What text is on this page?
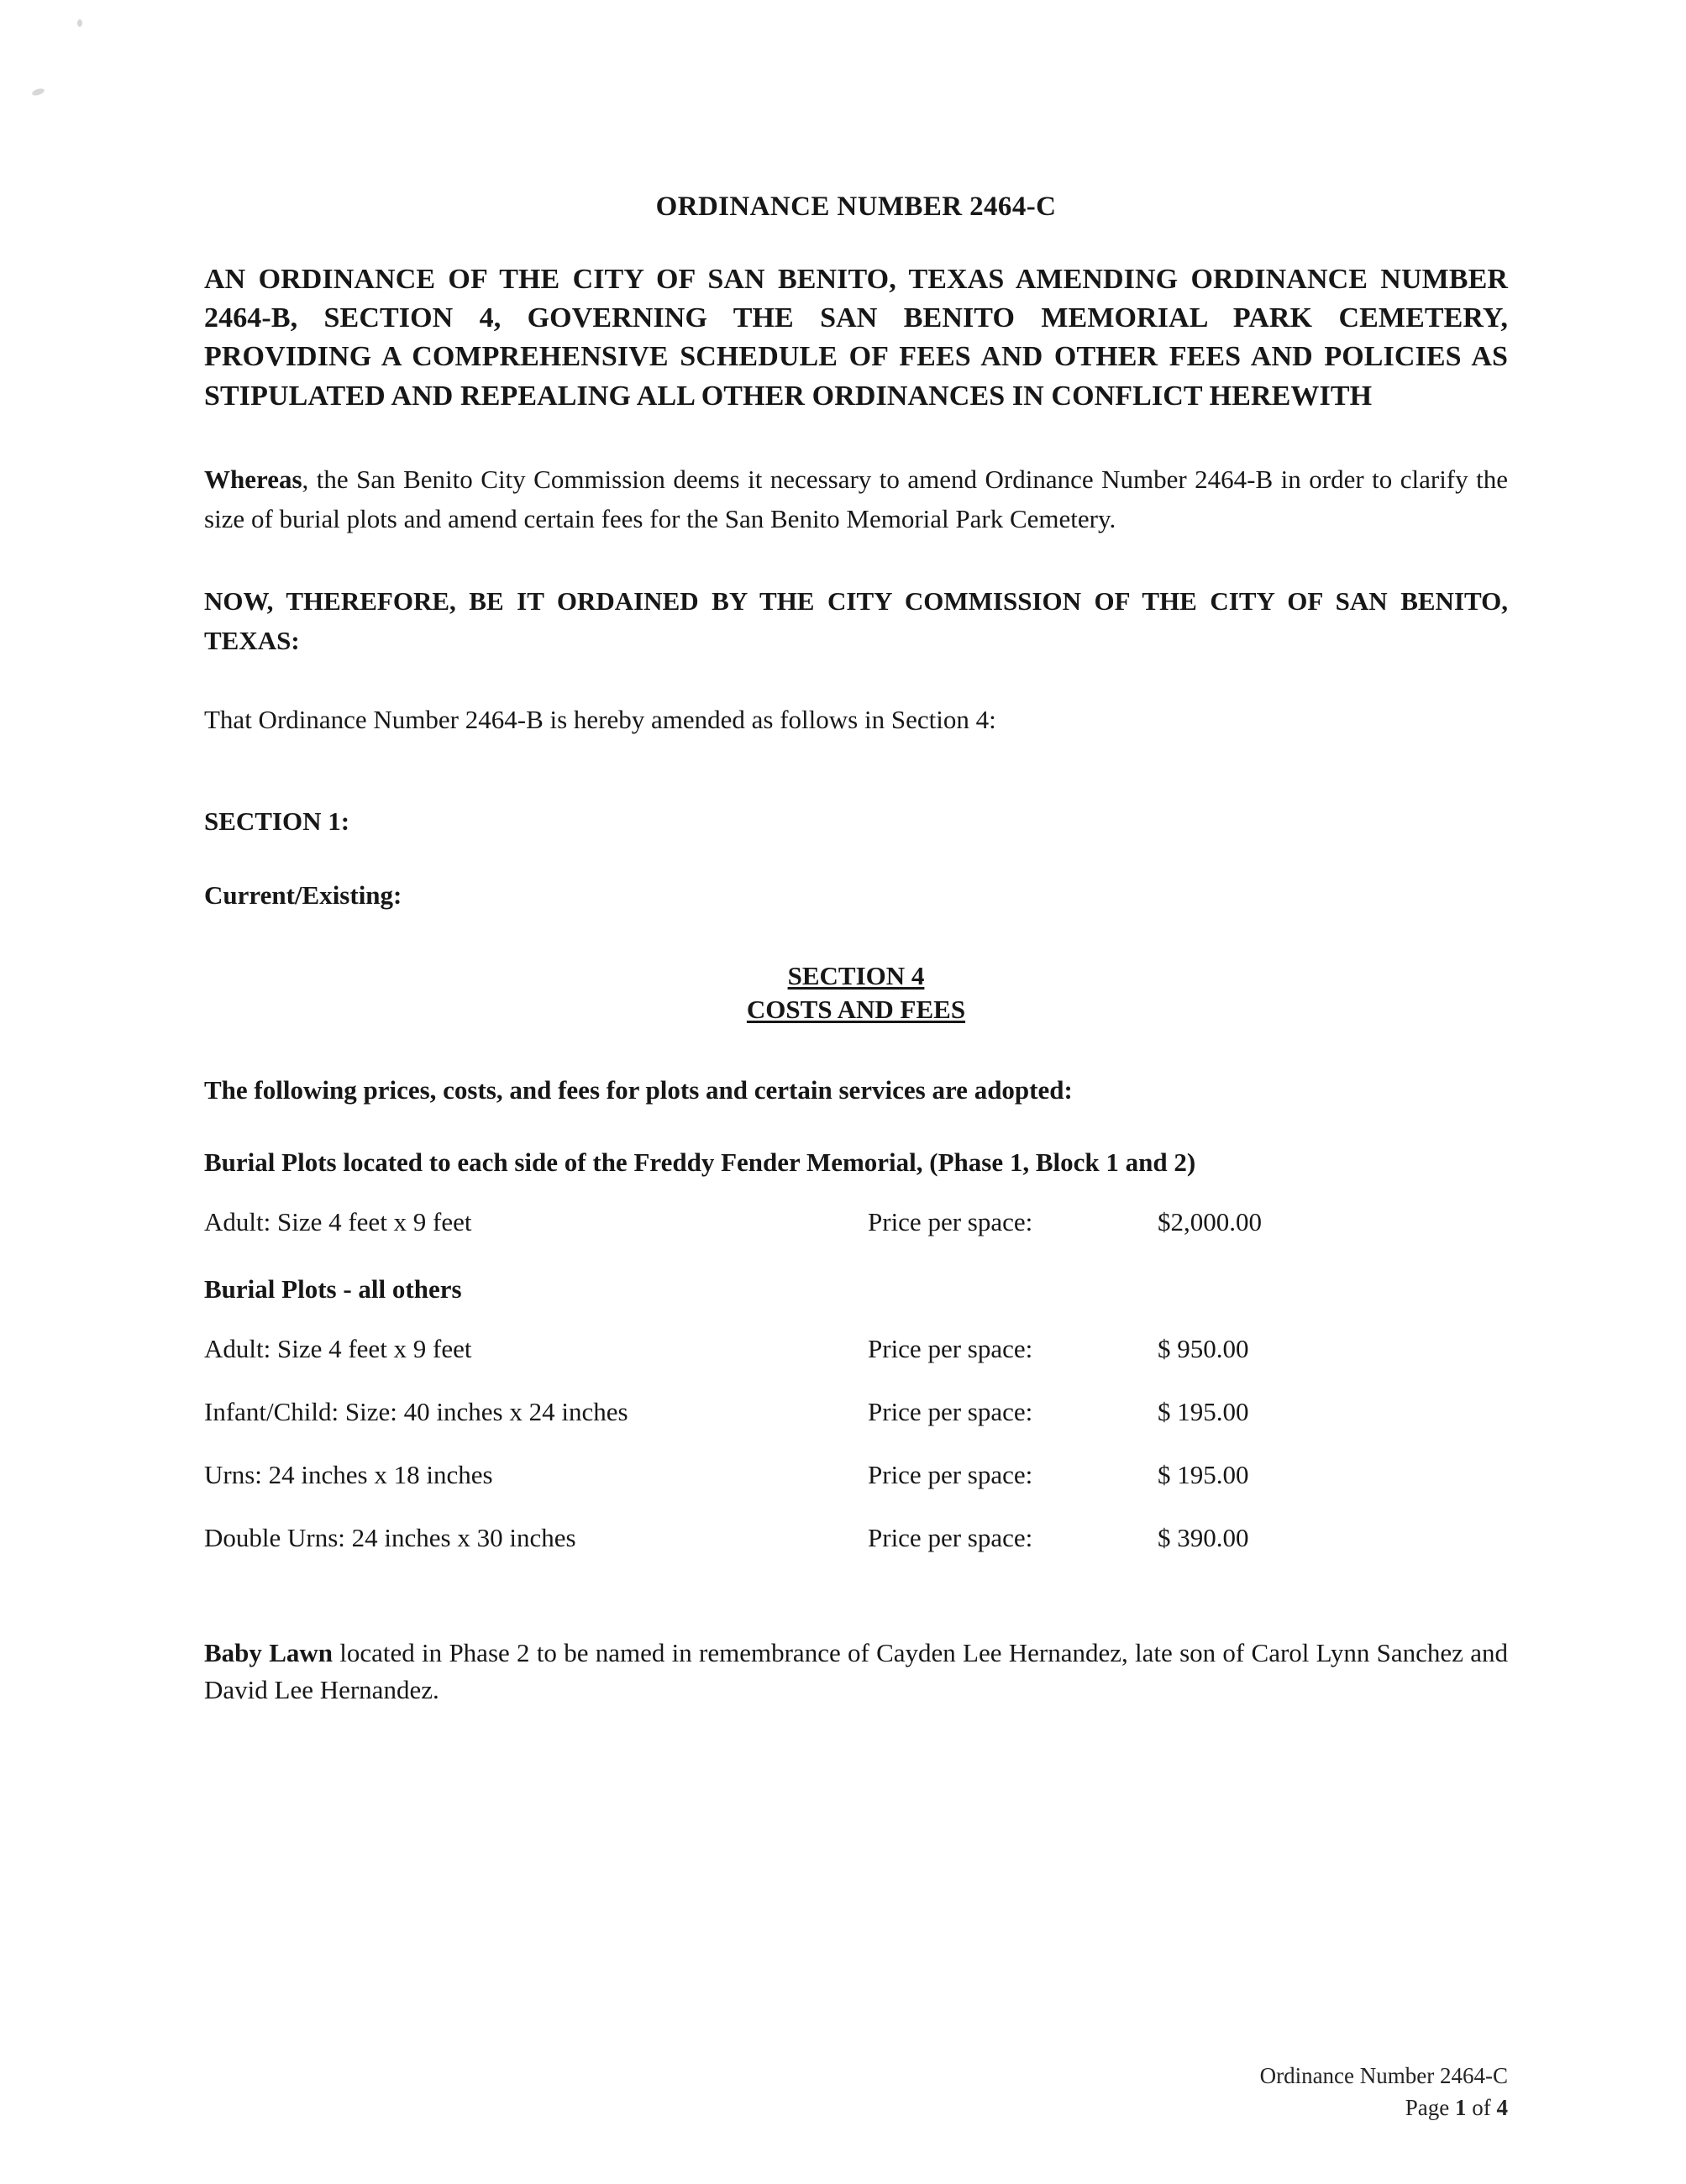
ORDINANCE NUMBER 2464-C
AN ORDINANCE OF THE CITY OF SAN BENITO, TEXAS AMENDING ORDINANCE NUMBER 2464-B, SECTION 4, GOVERNING THE SAN BENITO MEMORIAL PARK CEMETERY, PROVIDING A COMPREHENSIVE SCHEDULE OF FEES AND OTHER FEES AND POLICIES AS STIPULATED AND REPEALING ALL OTHER ORDINANCES IN CONFLICT HEREWITH

Whereas, the San Benito City Commission deems it necessary to amend Ordinance Number 2464-B in order to clarify the size of burial plots and amend certain fees for the San Benito Memorial Park Cemetery.

NOW, THEREFORE, BE IT ORDAINED BY THE CITY COMMISSION OF THE CITY OF SAN BENITO, TEXAS:

That Ordinance Number 2464-B is hereby amended as follows in Section 4:

SECTION 1:
Current/Existing:
SECTION 4
COSTS AND FEES
The following prices, costs, and fees for plots and certain services are adopted:
Burial Plots located to each side of the Freddy Fender Memorial, (Phase 1, Block 1 and 2)
Adult: Size 4 feet x 9 feet	Price per space:	$2,000.00
Burial Plots - all others
Adult: Size 4 feet x 9 feet	Price per space:	$ 950.00
Infant/Child: Size: 40 inches x 24 inches	Price per space:	$ 195.00
Urns: 24 inches x 18 inches	Price per space:	$ 195.00
Double Urns: 24 inches x 30 inches	Price per space:	$ 390.00

Baby Lawn located in Phase 2 to be named in remembrance of Cayden Lee Hernandez, late son of Carol Lynn Sanchez and David Lee Hernandez.

Ordinance Number 2464-C
Page 1 of 4
